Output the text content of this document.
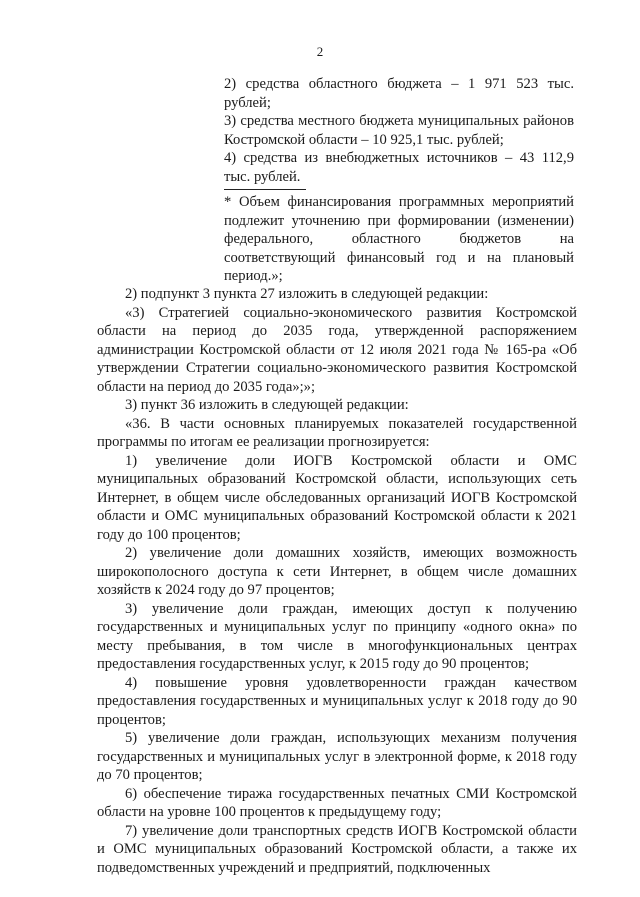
2

2) средства областного бюджета – 1 971 523 тыс. рублей;

3) средства местного бюджета муниципальных районов Костромской области – 10 925,1 тыс. рублей;

4) средства из внебюджетных источников – 43 112,9 тыс. рублей.

* Объем финансирования программных мероприятий подлежит уточнению при формировании (изменении) федерального, областного бюджетов на соответствующий финансовый год и на плановый период.»;

2) подпункт 3 пункта 27 изложить в следующей редакции:

«3) Стратегией социально-экономического развития Костромской области на период до 2035 года, утвержденной распоряжением администрации Костромской области от 12 июля 2021 года № 165-ра «Об утверждении Стратегии социально-экономического развития Костромской области на период до 2035 года»;»;

3) пункт 36 изложить в следующей редакции:

«36. В части основных планируемых показателей государственной программы по итогам ее реализации прогнозируется:

1) увеличение доли ИОГВ Костромской области и ОМС муниципальных образований Костромской области, использующих сеть Интернет, в общем числе обследованных организаций ИОГВ Костромской области и ОМС муниципальных образований Костромской области к 2021 году до 100 процентов;

2) увеличение доли домашних хозяйств, имеющих возможность широкополосного доступа к сети Интернет, в общем числе домашних хозяйств к 2024 году до 97 процентов;

3) увеличение доли граждан, имеющих доступ к получению государственных и муниципальных услуг по принципу «одного окна» по месту пребывания, в том числе в многофункциональных центрах предоставления государственных услуг, к 2015 году до 90 процентов;

4) повышение уровня удовлетворенности граждан качеством предоставления государственных и муниципальных услуг к 2018 году до 90 процентов;

5) увеличение доли граждан, использующих механизм получения государственных и муниципальных услуг в электронной форме, к 2018 году до 70 процентов;

6) обеспечение тиража государственных печатных СМИ Костромской области на уровне 100 процентов к предыдущему году;

7) увеличение доли транспортных средств ИОГВ Костромской области и ОМС муниципальных образований Костромской области, а также их подведомственных учреждений и предприятий, подключенных
